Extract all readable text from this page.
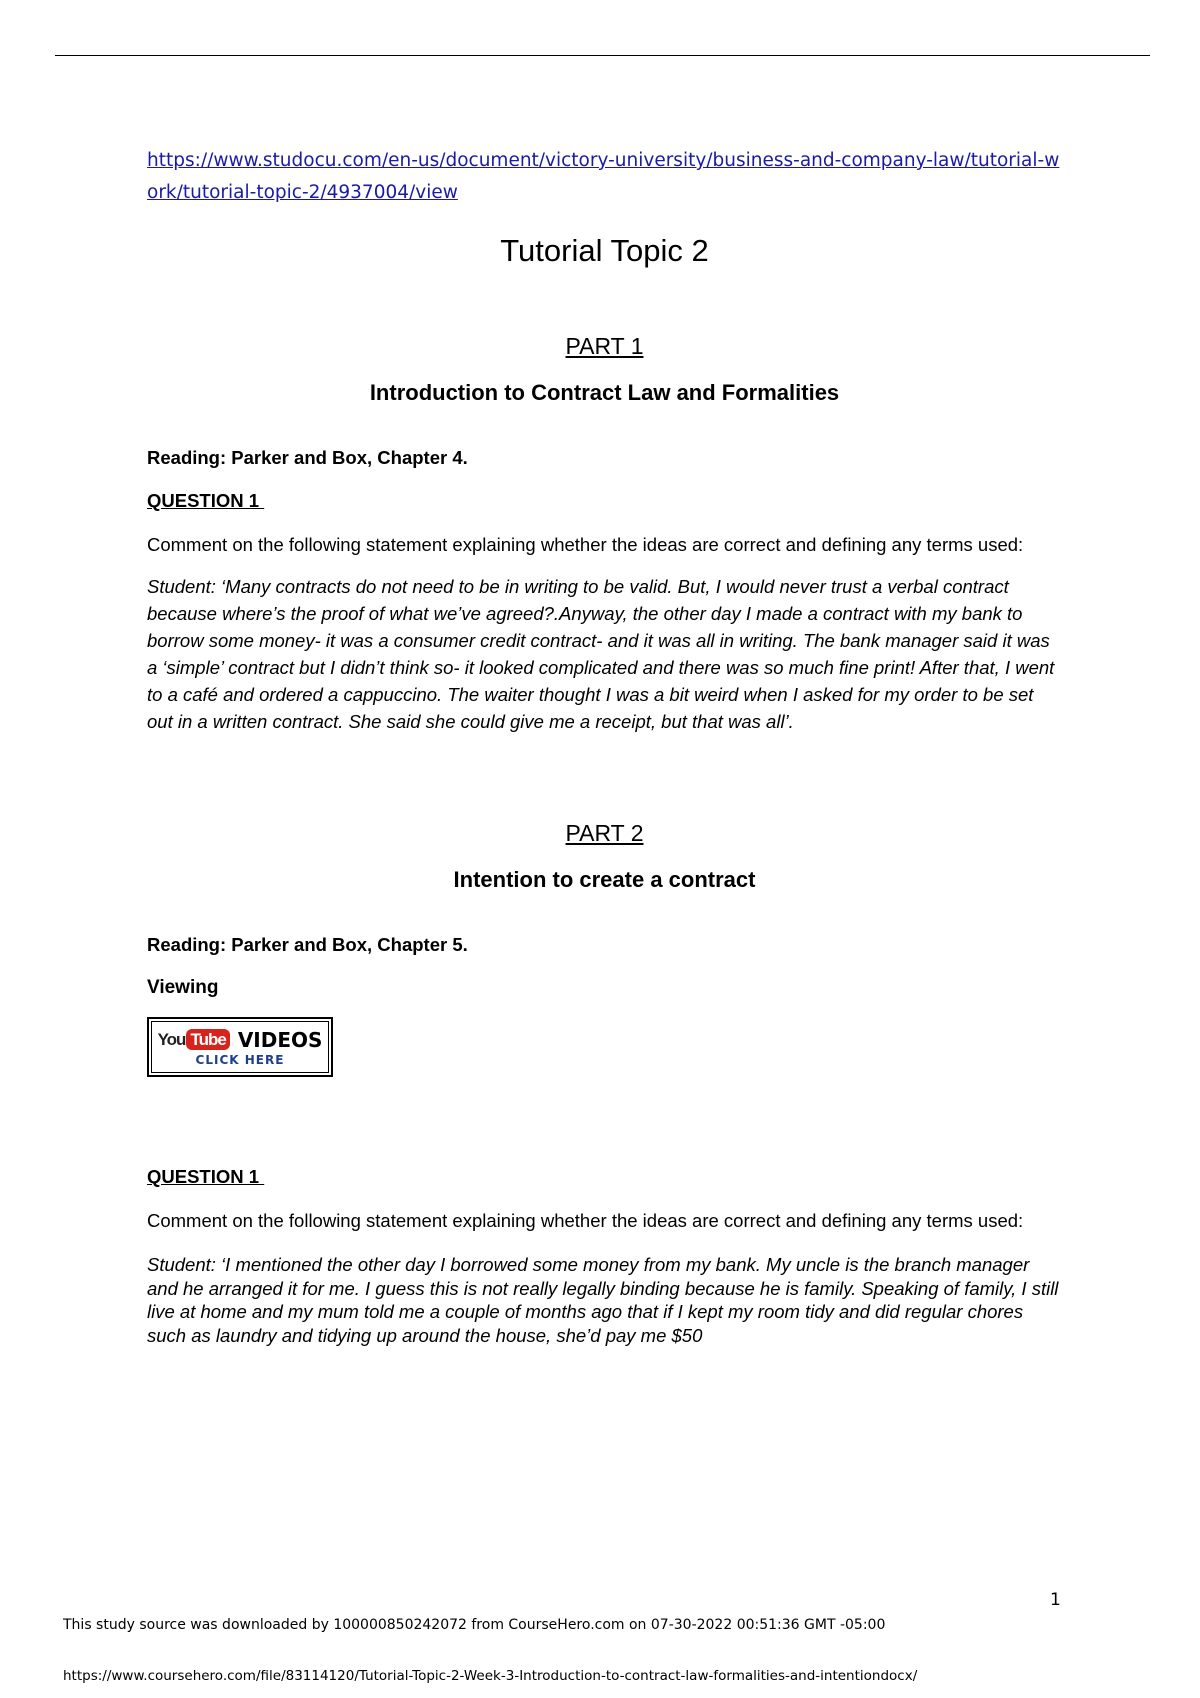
https://www.studocu.com/en-us/document/victory-university/business-and-company-law/tutorial-work/tutorial-topic-2/4937004/view
Tutorial Topic 2

PART 1

Introduction to Contract Law and Formalities

Reading: Parker and Box, Chapter 4.

QUESTION 1

Comment on the following statement explaining whether the ideas are correct and defining any terms used:

Student: ‘Many contracts do not need to be in writing to be valid. But, I would never trust a verbal contract because where’s the proof of what we’ve agreed?.Anyway, the other day I made a contract with my bank to borrow some money- it was a consumer credit contract- and it was all in writing. The bank manager said it was a ‘simple’ contract but I didn’t think so- it looked complicated and there was so much fine print! After that, I went to a café and ordered a cappuccino. The waiter thought I was a bit weird when I asked for my order to be set out in a written contract. She said she could give me a receipt, but that was all’.

PART 2

Intention to create a contract

Reading: Parker and Box, Chapter 5.

Viewing

You Tube VIDEOS
CLICK HERE

QUESTION 1

Comment on the following statement explaining whether the ideas are correct and defining any terms used:

Student: ‘I mentioned the other day I borrowed some money from my bank. My uncle is the branch manager and he arranged it for me. I guess this is not really legally binding because he is family. Speaking of family, I still live at home and my mum told me a couple of months ago that if I kept my room tidy and did regular chores such as laundry and tidying up around the house, she’d pay me $50

1
This study source was downloaded by 100000850242072 from CourseHero.com on 07-30-2022 00:51:36 GMT -05:00
https://www.coursehero.com/file/83114120/Tutorial-Topic-2-Week-3-Introduction-to-contract-law-formalities-and-intentiondocx/
